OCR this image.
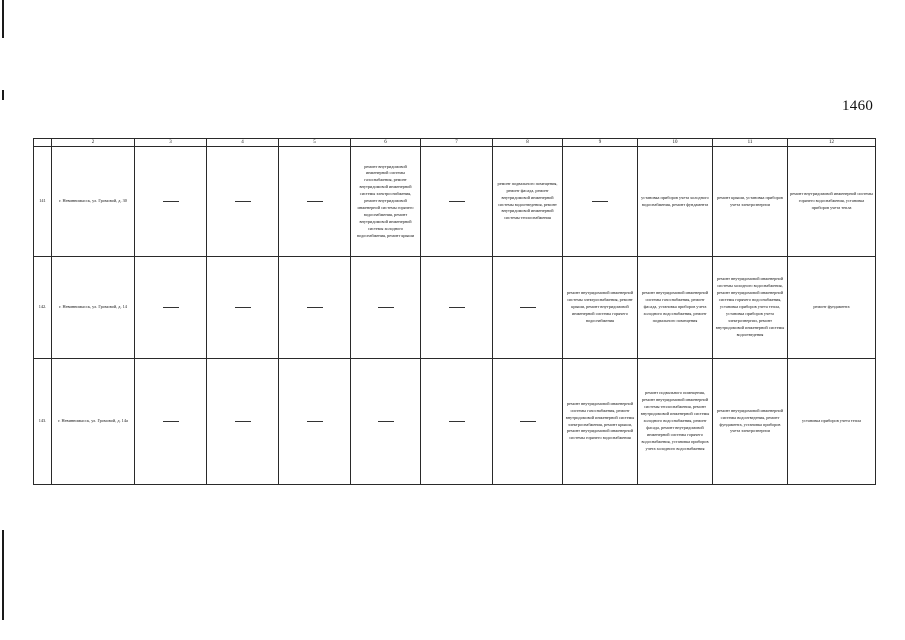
1460
	2	3	4	5	6	7	8	9	10	11	12
141	г. Невинномысск, ул. Громовой, д. 30				ремонт внутридомовой инженерной системы газоснабжения, ремонт внутридомовой инженерной системы электроснабжения, ремонт внутридомовой инженерной системы горячего водоснабжения, ремонт внутридомовой инженерной системы холодного водоснабжения, ремонт крыши		ремонт подвального помещения, ремонт фасада, ремонт внутридомовой инженерной системы водоотведения, ремонт внутридомовой инженерной системы теплоснабжения		установка приборов учета холодного водоснабжения, ремонт фундамента	ремонт крыши, установка приборов учета электроэнергии	ремонт внутридомовой инженерной системы горячего водоснабжения, установка приборов учета тепла
142.	г. Невинномысск, ул. Громовой, д. 14							ремонт внутридомовой инженерной системы электроснабжения, ремонт крыши, ремонт внутридомовой инженерной системы горячего водоснабжения	ремонт внутридомовой инженерной системы газоснабжения, ремонт фасада, установка приборов учета холодного водоснабжения, ремонт подвального помещения	ремонт внутридомовой инженерной системы холодного водоснабжения, ремонт внутридомовой инженерной системы горячего водоснабжения, установка приборов учета тепла, установка приборов учета электроэнергии, ремонт внутридомовой инженерной системы водоотведения	ремонт фундамента
143.	г. Невинномысск, ул. Громовой, д. 14а							ремонт внутридомовой инженерной системы газоснабжения, ремонт внутридомовой инженерной системы электроснабжения, ремонт крыши, ремонт внутридомовой инженерной системы горячего водоснабжения	ремонт подвального помещения, ремонт внутридомовой инженерной системы теплоснабжения, ремонт внутридомовой инженерной системы холодного водоснабжения, ремонт фасада, ремонт внутридомовой инженерной системы горячего водоснабжения, установка приборов учета холодного водоснабжения	ремонт внутридомовой инженерной системы водоотведения, ремонт фундамента, установка приборов учета электроэнергии	установка приборов учета тепла
